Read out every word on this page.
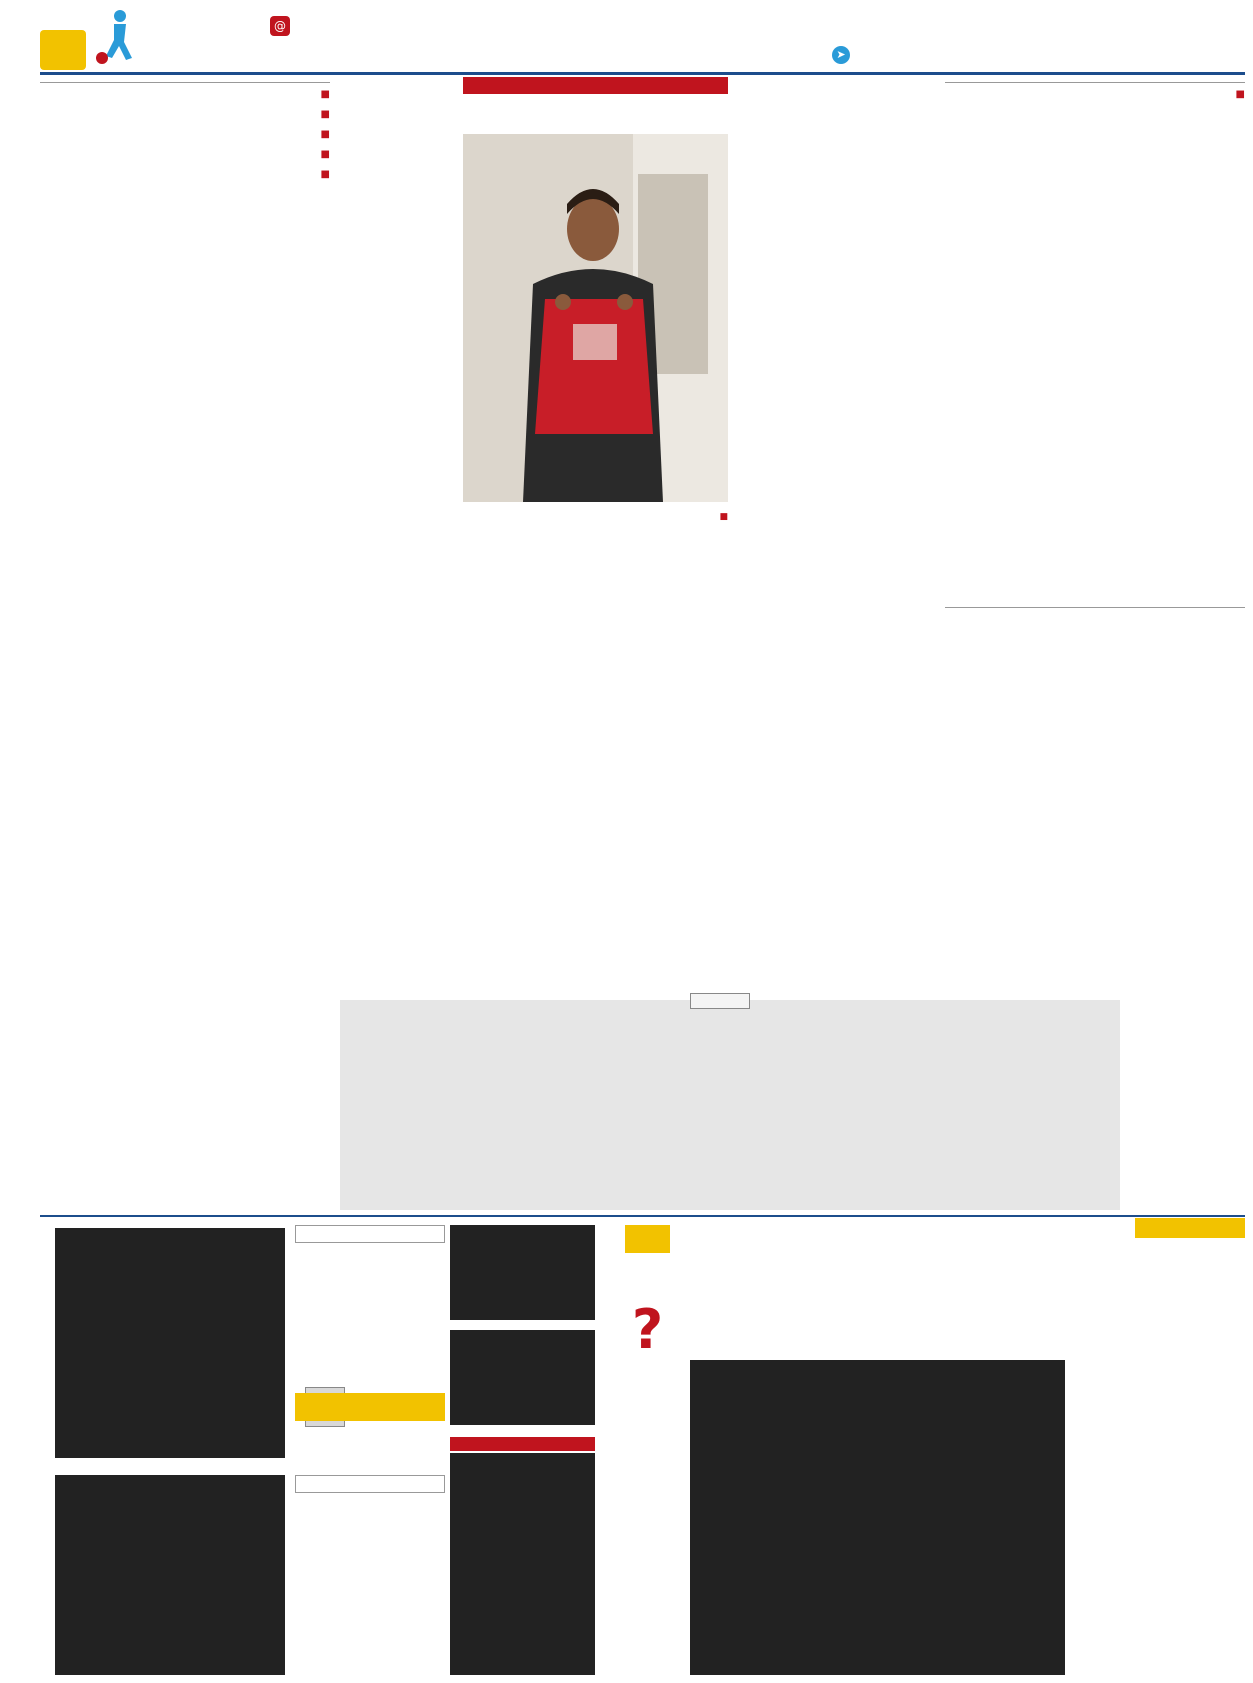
➤
@

■

■

■

■

■

■

■

?
